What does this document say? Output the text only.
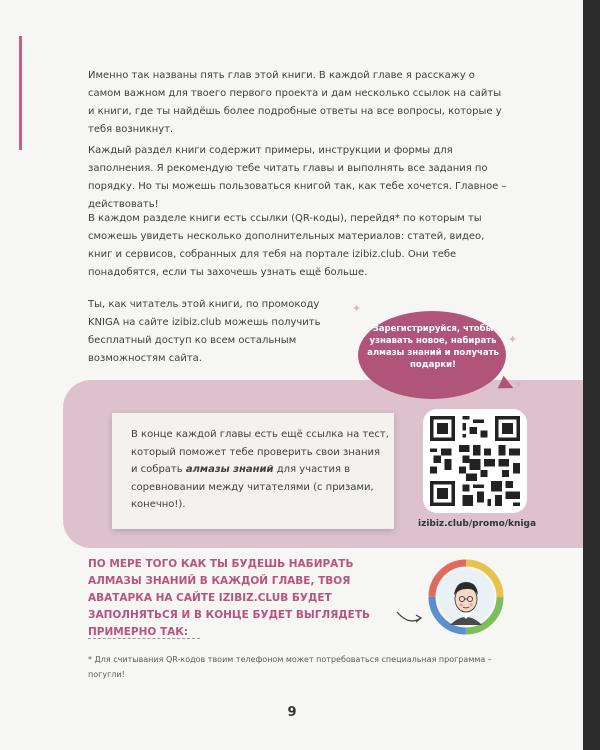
Именно так названы пять глав этой книги. В каждой главе я расскажу о самом важном для твоего первого проекта и дам несколько ссылок на сайты и книги, где ты найдёшь более подробные ответы на все вопросы, которые у тебя возникнут.

Каждый раздел книги содержит примеры, инструкции и формы для заполнения. Я рекомендую тебе читать главы и выполнять все задания по порядку. Но ты можешь пользоваться книгой так, как тебе хочется. Главное – действовать!

В каждом разделе книги есть ссылки (QR-коды), перейдя* по которым ты сможешь увидеть несколько дополнительных материалов: статей, видео, книг и сервисов, собранных для тебя на портале izibiz.club. Они тебе понадобятся, если ты захочешь узнать ещё больше.

Ты, как читатель этой книги, по промокоду KNIGA на сайте izibiz.club можешь получить бесплатный доступ ко всем остальным возможностям сайта.

Зарегистрируйся, чтобы узнавать новое, набирать алмазы знаний и получать подарки!

✦
✦
✦

В конце каждой главы есть ещё ссылка на тест, который поможет тебе проверить свои знания и собрать алмазы знаний для участия в соревновании между читателями (с призами, конечно!).

izibiz.club/promo/kniga

ПО МЕРЕ ТОГО КАК ТЫ БУДЕШЬ НАБИРАТЬ АЛМАЗЫ ЗНАНИЙ В КАЖДОЙ ГЛАВЕ, ТВОЯ АВАТАРКА НА САЙТЕ IZIBIZ.CLUB БУДЕТ ЗАПОЛНЯТЬСЯ И В КОНЦЕ БУДЕТ ВЫГЛЯДЕТЬ ПРИМЕРНО ТАК:

* Для считывания QR-кодов твоим телефоном может потребоваться специальная программа – погугли!

9
